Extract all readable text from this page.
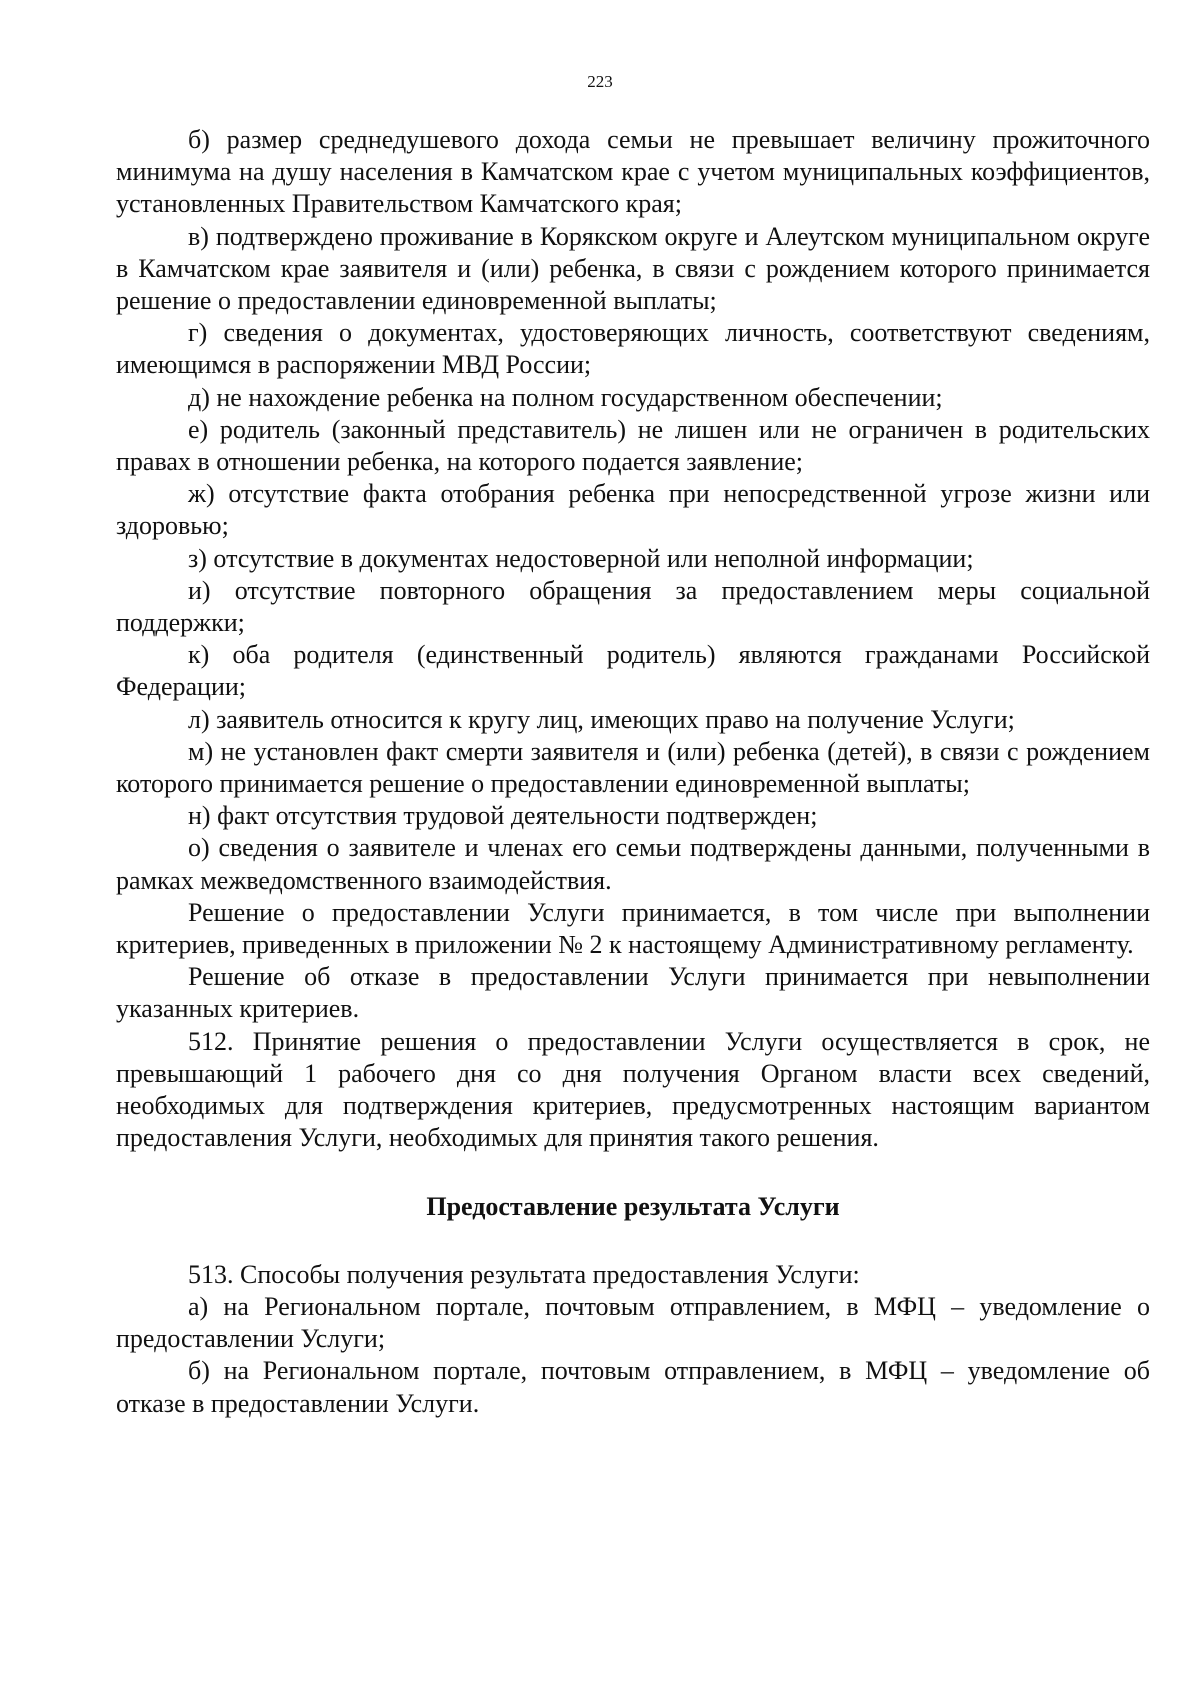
223

б) размер среднедушевого дохода семьи не превышает величину прожиточного минимума на душу населения в Камчатском крае с учетом муниципальных коэффициентов, установленных Правительством Камчатского края;

в) подтверждено проживание в Корякском округе и Алеутском муниципальном округе в Камчатском крае заявителя и (или) ребенка, в связи с рождением которого принимается решение о предоставлении единовременной выплаты;

г) сведения о документах, удостоверяющих личность, соответствуют сведениям, имеющимся в распоряжении МВД России;

д) не нахождение ребенка на полном государственном обеспечении;

е) родитель (законный представитель) не лишен или не ограничен в родительских правах в отношении ребенка, на которого подается заявление;

ж) отсутствие факта отобрания ребенка при непосредственной угрозе жизни или здоровью;

з) отсутствие в документах недостоверной или неполной информации;

и) отсутствие повторного обращения за предоставлением меры социальной поддержки;

к) оба родителя (единственный родитель) являются гражданами Российской Федерации;

л) заявитель относится к кругу лиц, имеющих право на получение Услуги;

м) не установлен факт смерти заявителя и (или) ребенка (детей), в связи с рождением которого принимается решение о предоставлении единовременной выплаты;

н) факт отсутствия трудовой деятельности подтвержден;

о) сведения о заявителе и членах его семьи подтверждены данными, полученными в рамках межведомственного взаимодействия.

Решение о предоставлении Услуги принимается, в том числе при выполнении критериев, приведенных в приложении № 2 к настоящему Административному регламенту.

Решение об отказе в предоставлении Услуги принимается при невыполнении указанных критериев.

512. Принятие решения о предоставлении Услуги осуществляется в срок, не превышающий 1 рабочего дня со дня получения Органом власти всех сведений, необходимых для подтверждения критериев, предусмотренных настоящим вариантом предоставления Услуги, необходимых для принятия такого решения.

Предоставление результата Услуги

513. Способы получения результата предоставления Услуги:

а) на Региональном портале, почтовым отправлением, в МФЦ – уведомление о предоставлении Услуги;

б) на Региональном портале, почтовым отправлением, в МФЦ – уведомление об отказе в предоставлении Услуги.
